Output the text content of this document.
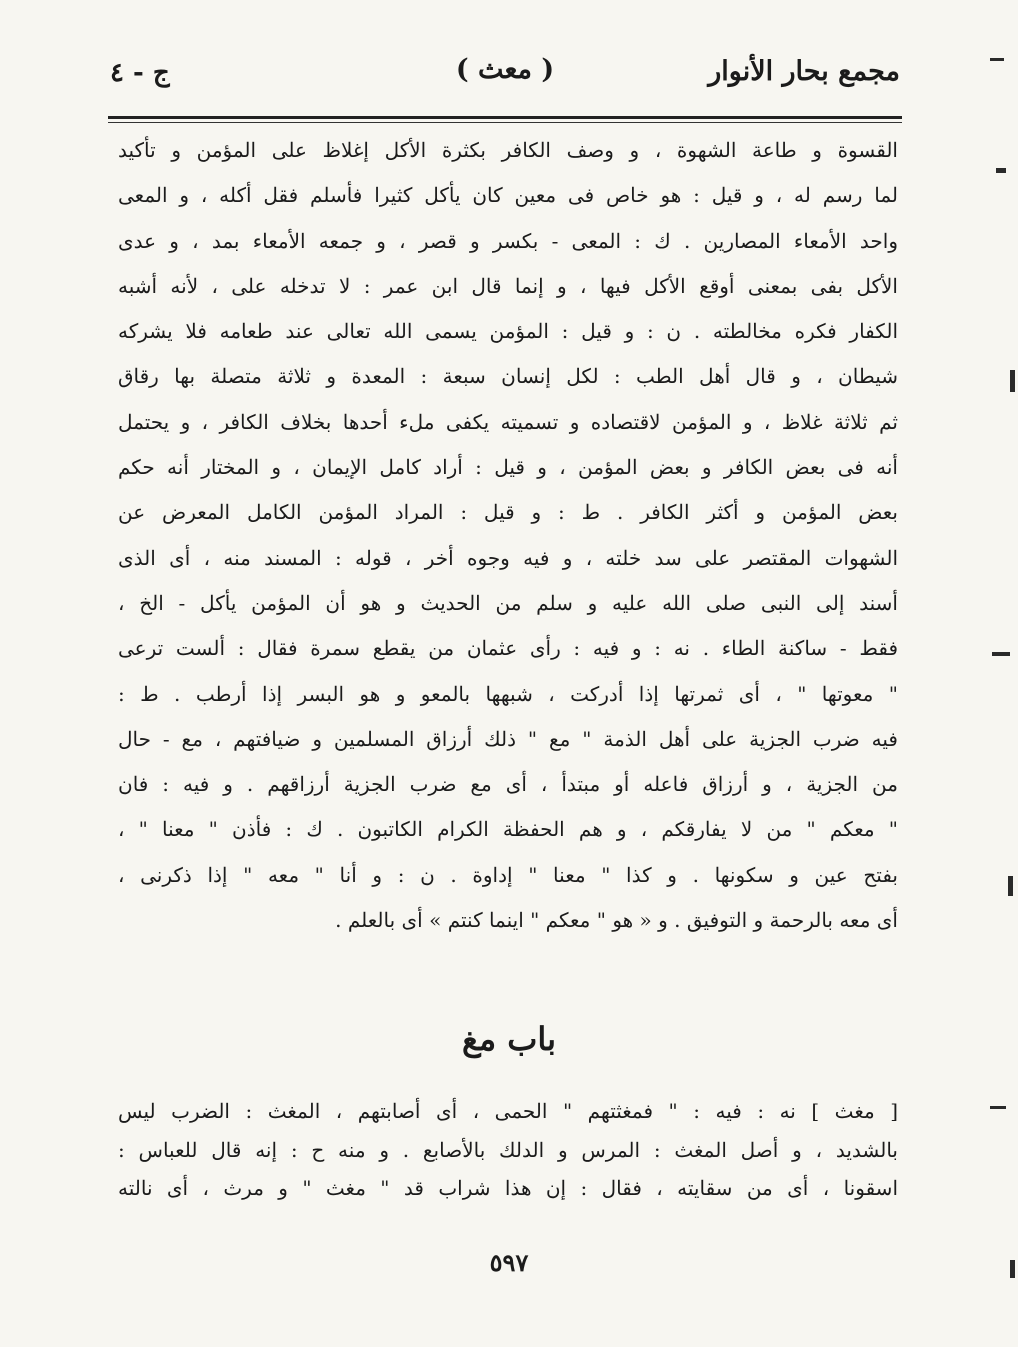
مجمع بحار الأنوار
( معث )
ج - ٤
القسوة و طاعة الشهوة ، و وصف الكافر بكثرة الأكل إغلاظ على المؤمن و تأكيد
لما رسم له ، و قيل : هو خاص فى معين كان يأكل كثيرا فأسلم فقل أكله ، و المعى
واحد الأمعاء المصارين . ك : المعى - بكسر و قصر ، و جمعه الأمعاء بمد ، و عدى
الأكل بفى بمعنى أوقع الأكل فيها ، و إنما قال ابن عمر : لا تدخله على ، لأنه أشبه
الكفار فكره مخالطته . ن : و قيل : المؤمن يسمى الله تعالى عند طعامه فلا يشركه
شيطان ، و قال أهل الطب : لكل إنسان سبعة : المعدة و ثلاثة متصلة بها رقاق
ثم ثلاثة غلاظ ، و المؤمن لاقتصاده و تسميته يكفى ملء أحدها بخلاف الكافر ، و يحتمل
أنه فى بعض الكافر و بعض المؤمن ، و قيل : أراد كامل الإيمان ، و المختار أنه حكم
بعض المؤمن و أكثر الكافر . ط : و قيل : المراد المؤمن الكامل المعرض عن
الشهوات المقتصر على سد خلته ، و فيه وجوه أخر ، قوله : المسند منه ، أى الذى
أسند إلى النبى صلى الله عليه و سلم من الحديث و هو أن المؤمن يأكل - الخ ،
فقط - ساكنة الطاء . نه : و فيه : رأى عثمان من يقطع سمرة فقال : ألست ترعى
" معوتها " ، أى ثمرتها إذا أدركت ، شبهها بالمعو و هو البسر إذا أرطب . ط :
فيه ضرب الجزية على أهل الذمة " مع " ذلك أرزاق المسلمين و ضيافتهم ، مع - حال
من الجزية ، و أرزاق فاعله أو مبتدأ ، أى مع ضرب الجزية أرزاقهم . و فيه : فان
" معكم " من لا يفارقكم ، و هم الحفظة الكرام الكاتبون . ك : فأذن " معنا " ،
بفتح عين و سكونها . و كذا " معنا " إداوة . ن : و أنا " معه " إذا ذكرنى ،
أى معه بالرحمة و التوفيق . و « هو " معكم " اينما كنتم » أى بالعلم .
باب مغ
[ مغث ] نه : فيه : " فمغثتهم " الحمى ، أى أصابتهم ، المغث : الضرب ليس
بالشديد ، و أصل المغث : المرس و الدلك بالأصابع . و منه ح : إنه قال للعباس :
اسقونا ، أى من سقايته ، فقال : إن هذا شراب قد " مغث " و مرث ، أى نالته
٥٩٧
